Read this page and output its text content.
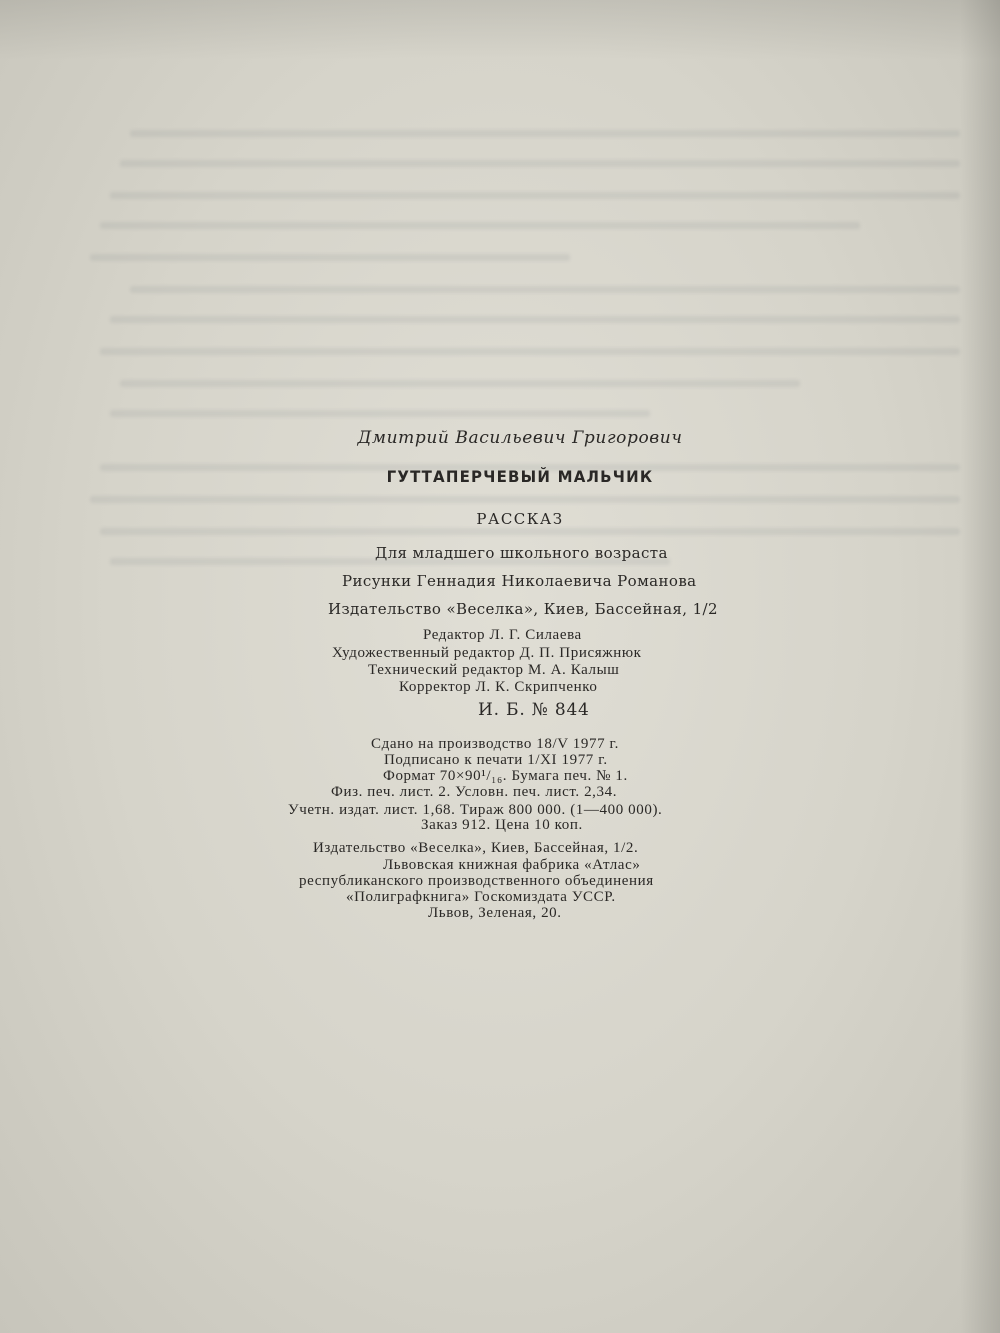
Дмитрий Васильевич Григорович

ГУТТАПЕРЧЕВЫЙ МАЛЬЧИК

РАССКАЗ

Для младшего школьного возраста

Рисунки Геннадия Николаевича Романова

Издательство «Веселка», Киев, Бассейная, 1/2

Редактор Л. Г. Силаева

Художественный редактор Д. П. Присяжнюк

Технический редактор М. А. Калыш

Корректор Л. К. Скрипченко

И. Б. № 844

Сдано на производство 18/V 1977 г.

Подписано к печати 1/XI 1977 г.

Формат 70×90¹/₁₆. Бумага печ. № 1.

Физ. печ. лист. 2. Условн. печ. лист. 2,34.

Учетн. издат. лист. 1,68. Тираж 800 000. (1—400 000).

Заказ 912. Цена 10 коп.

Издательство «Веселка», Киев, Бассейная, 1/2.

Львовская книжная фабрика «Атлас»

республиканского производственного объединения

«Полиграфкнига» Госкомиздата УССР.

Львов, Зеленая, 20.
